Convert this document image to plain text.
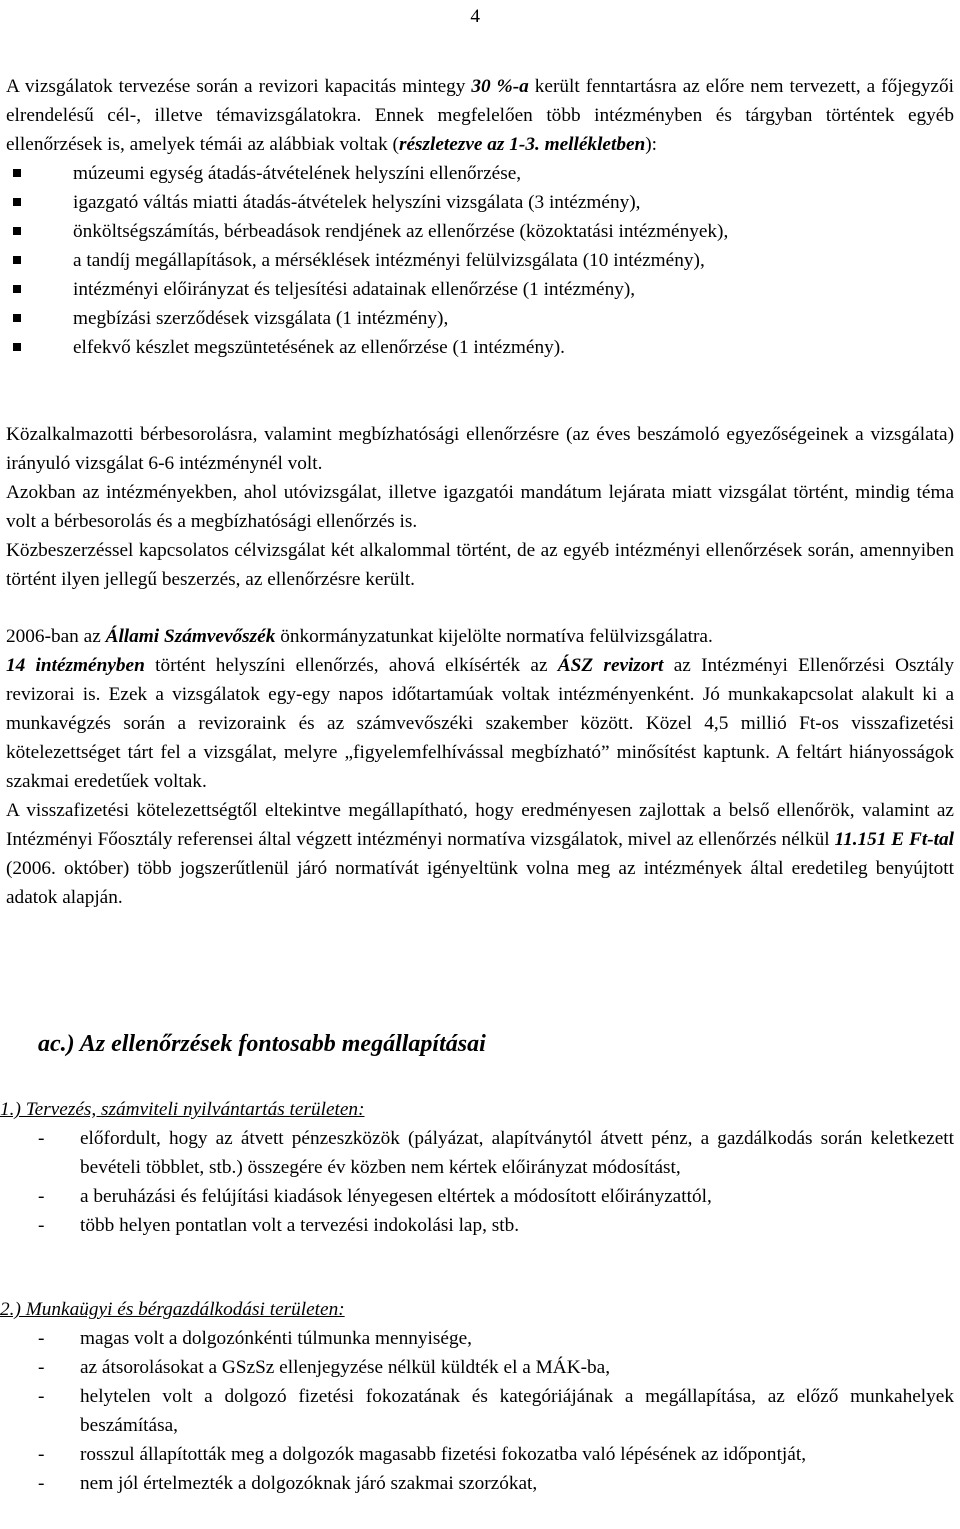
4

A vizsgálatok tervezése során a revizori kapacitás mintegy 30 %-a került fenntartásra az előre nem tervezett, a főjegyzői elrendelésű cél-, illetve témavizsgálatokra. Ennek megfelelően több intézményben és tárgyban történtek egyéb ellenőrzések is, amelyek témái az alábbiak voltak (részletezve az 1-3. mellékletben):

múzeumi egység átadás-átvételének helyszíni ellenőrzése,
igazgató váltás miatti átadás-átvételek helyszíni vizsgálata (3 intézmény),
önköltségszámítás, bérbeadások rendjének az ellenőrzése (közoktatási intézmények),
a tandíj megállapítások, a mérséklések intézményi felülvizsgálata (10 intézmény),
intézményi előirányzat és teljesítési adatainak ellenőrzése (1 intézmény),
megbízási szerződések vizsgálata (1 intézmény),
elfekvő készlet megszüntetésének az ellenőrzése (1 intézmény).

Közalkalmazotti bérbesorolásra, valamint megbízhatósági ellenőrzésre (az éves beszámoló egyezőségeinek a vizsgálata) irányuló vizsgálat 6-6 intézménynél volt.

Azokban az intézményekben, ahol utóvizsgálat, illetve igazgatói mandátum lejárata miatt vizsgálat történt, mindig téma volt a bérbesorolás és a megbízhatósági ellenőrzés is.

Közbeszerzéssel kapcsolatos célvizsgálat két alkalommal történt, de az egyéb intézményi ellenőrzések során, amennyiben történt ilyen jellegű beszerzés, az ellenőrzésre került.

2006-ban az Állami Számvevőszék önkormányzatunkat kijelölte normatíva felülvizsgálatra.
14 intézményben történt helyszíni ellenőrzés, ahová elkísérték az ÁSZ revizort az Intézményi Ellenőrzési Osztály revizorai is. Ezek a vizsgálatok egy-egy napos időtartamúak voltak intézményenként. Jó munkakapcsolat alakult ki a munkavégzés során a revizoraink és az számvevőszéki szakember között. Közel 4,5 millió Ft-os visszafizetési kötelezettséget tárt fel a vizsgálat, melyre „figyelemfelhívással megbízható” minősítést kaptunk. A feltárt hiányosságok szakmai eredetűek voltak.

A visszafizetési kötelezettségtől eltekintve megállapítható, hogy eredményesen zajlottak a belső ellenőrök, valamint az Intézményi Főosztály referensei által végzett intézményi normatíva vizsgálatok, mivel az ellenőrzés nélkül 11.151 E Ft-tal (2006. október) több jogszerűtlenül járó normatívát igényeltünk volna meg az intézmények által eredetileg benyújtott adatok alapján.

ac.) Az ellenőrzések fontosabb megállapításai
1.) Tervezés, számviteli nyilvántartás területen:
- előfordult, hogy az átvett pénzeszközök (pályázat, alapítványtól átvett pénz, a gazdálkodás során keletkezett bevételi többlet, stb.) összegére év közben nem kértek előirányzat módosítást,
- a beruházási és felújítási kiadások lényegesen eltértek a módosított előirányzattól,
- több helyen pontatlan volt a tervezési indokolási lap, stb.
2.) Munkaügyi és bérgazdálkodási területen:
- magas volt a dolgozónkénti túlmunka mennyisége,
- az átsorolásokat a GSzSz ellenjegyzése nélkül küldték el a MÁK-ba,
- helytelen volt a dolgozó fizetési fokozatának és kategóriájának a megállapítása, az előző munkahelyek beszámítása,
- rosszul állapították meg a dolgozók magasabb fizetési fokozatba való lépésének az időpontját,
- nem jól értelmezték a dolgozóknak járó szakmai szorzókat,
